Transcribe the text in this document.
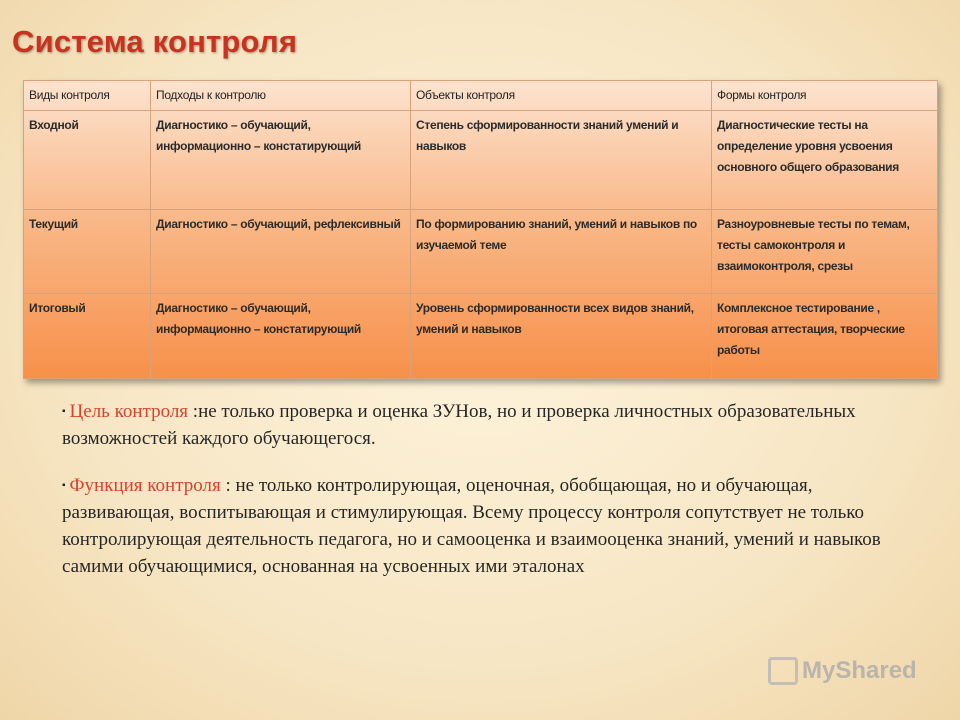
Система контроля
Виды контроля	Подходы к контролю	Объекты контроля	Формы контроля
Входной	Диагностико – обучающий, информационно – констатирующий	Степень сформированности знаний умений и навыков	Диагностические тесты на определение уровня усвоения основного общего образования
Текущий	Диагностико – обучающий, рефлексивный	По формированию знаний, умений и навыков по изучаемой теме	Разноуровневые тесты по темам, тесты самоконтроля и взаимоконтроля, срезы
Итоговый	Диагностико – обучающий, информационно – констатирующий	Уровень сформированности всех видов знаний, умений и навыков	Комплексное тестирование , итоговая аттестация, творческие работы

▪ Цель контроля :не только проверка и оценка ЗУНов, но и проверка личностных образовательных возможностей каждого обучающегося.

▪ Функция контроля : не только контролирующая, оценочная, обобщающая, но и обучающая, развивающая, воспитывающая и стимулирующая. Всему процессу контроля сопутствует не только контролирующая деятельность педагога, но и самооценка и взаимооценка знаний, умений и навыков самими обучающимися, основанная на усвоенных ими эталонах

MyShared
